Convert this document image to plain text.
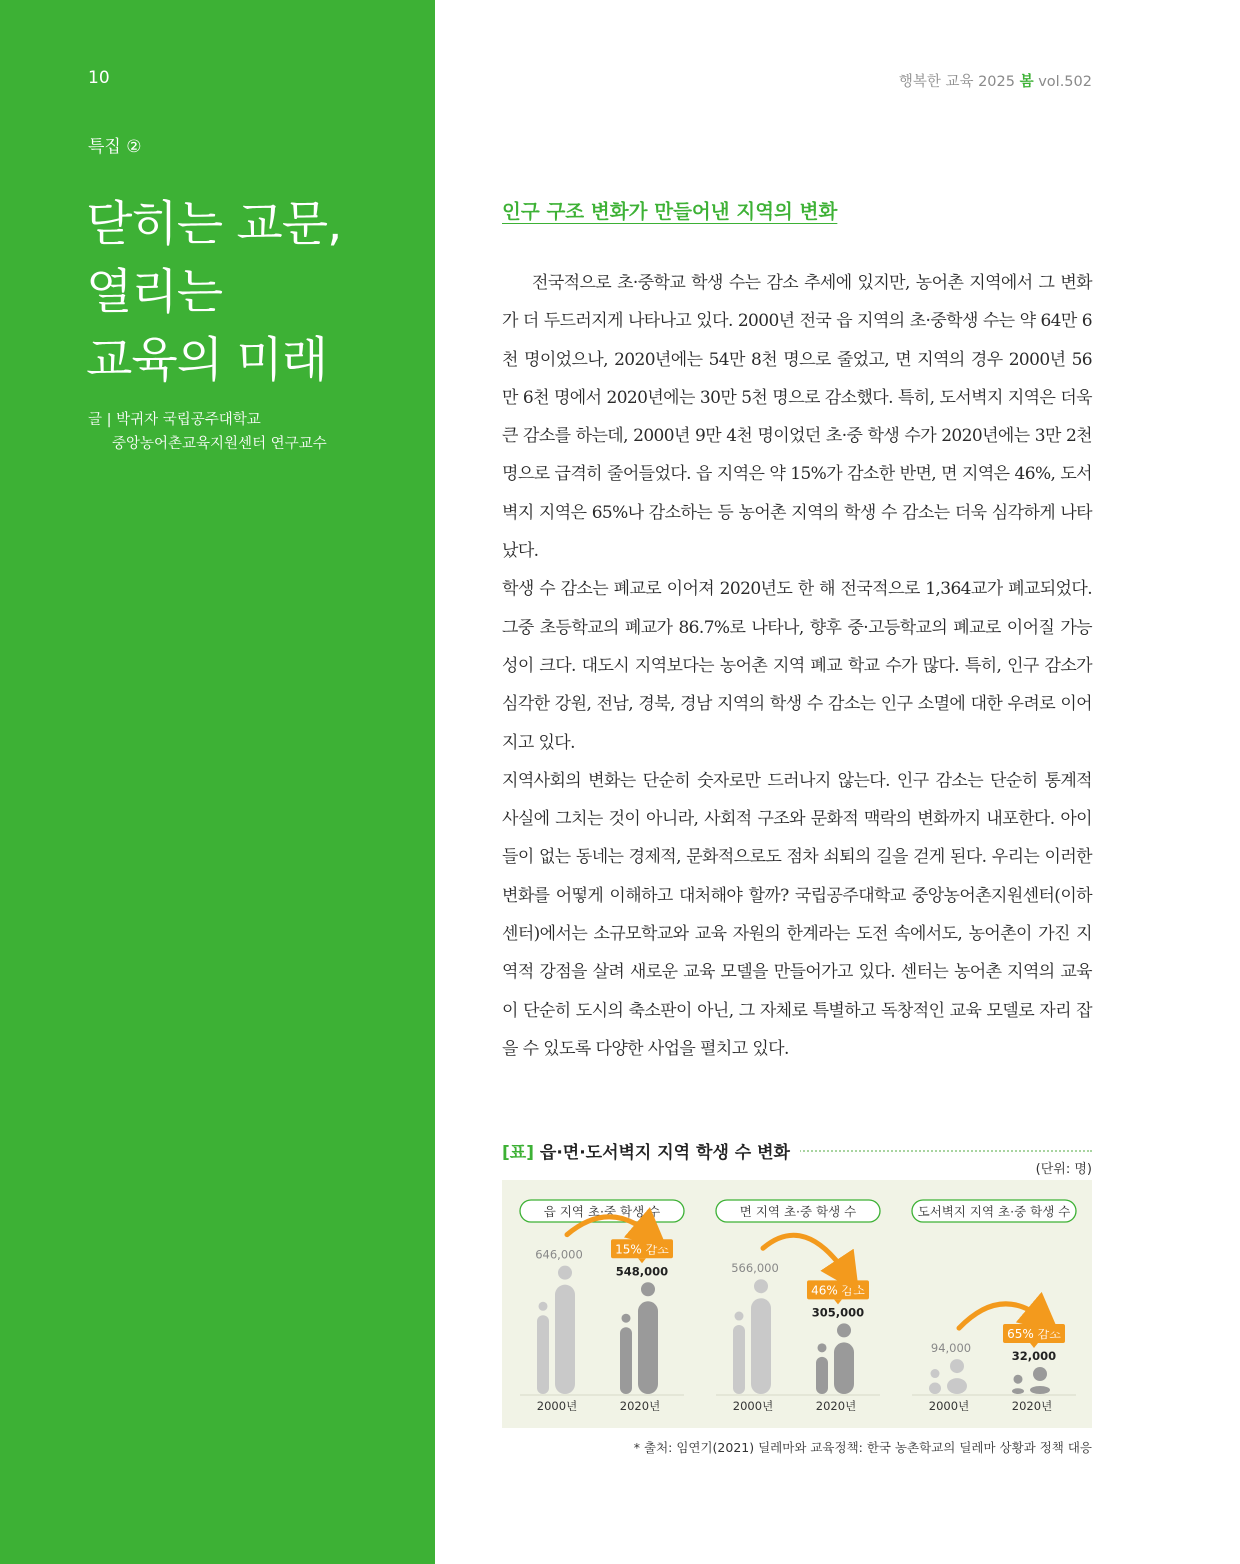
10
특집 ②
닫히는 교문,
열리는
교육의 미래
글 | 박귀자 국립공주대학교
중앙농어촌교육지원센터 연구교수
행복한 교육 2025 봄 vol.502
인구 구조 변화가 만들어낸 지역의 변화

전국적으로 초·중학교 학생 수는 감소 추세에 있지만, 농어촌 지역에서 그 변화가 더 두드러지게 나타나고 있다. 2000년 전국 읍 지역의 초·중학생 수는 약 64만 6천 명이었으나, 2020년에는 54만 8천 명으로 줄었고, 면 지역의 경우 2000년 56만 6천 명에서 2020년에는 30만 5천 명으로 감소했다. 특히, 도서벽지 지역은 더욱 큰 감소를 하는데, 2000년 9만 4천 명이었던 초·중 학생 수가 2020년에는 3만 2천 명으로 급격히 줄어들었다. 읍 지역은 약 15%가 감소한 반면, 면 지역은 46%, 도서벽지 지역은 65%나 감소하는 등 농어촌 지역의 학생 수 감소는 더욱 심각하게 나타났다.

학생 수 감소는 폐교로 이어져 2020년도 한 해 전국적으로 1,364교가 폐교되었다. 그중 초등학교의 폐교가 86.7%로 나타나, 향후 중·고등학교의 폐교로 이어질 가능성이 크다. 대도시 지역보다는 농어촌 지역 폐교 학교 수가 많다. 특히, 인구 감소가 심각한 강원, 전남, 경북, 경남 지역의 학생 수 감소는 인구 소멸에 대한 우려로 이어지고 있다.

지역사회의 변화는 단순히 숫자로만 드러나지 않는다. 인구 감소는 단순히 통계적 사실에 그치는 것이 아니라, 사회적 구조와 문화적 맥락의 변화까지 내포한다. 아이들이 없는 동네는 경제적, 문화적으로도 점차 쇠퇴의 길을 걷게 된다. 우리는 이러한 변화를 어떻게 이해하고 대처해야 할까? 국립공주대학교 중앙농어촌지원센터(이하 센터)에서는 소규모학교와 교육 자원의 한계라는 도전 속에서도, 농어촌이 가진 지역적 강점을 살려 새로운 교육 모델을 만들어가고 있다. 센터는 농어촌 지역의 교육이 단순히 도시의 축소판이 아닌, 그 자체로 특별하고 독창적인 교육 모델로 자리 잡을 수 있도록 다양한 사업을 펼치고 있다.

[표] 읍·면·도서벽지 지역 학생 수 변화
(단위: 명)
읍 지역 초·중 학생 수
646,000
2000년
548,000
2020년
15% 감소
면 지역 초·중 학생 수
566,000
2000년
305,000
2020년
46% 감소
도서벽지 지역 초·중 학생 수
94,000
2000년
32,000
2020년
65% 감소
* 출처: 임연기(2021) 딜레마와 교육정책: 한국 농촌학교의 딜레마 상황과 정책 대응
